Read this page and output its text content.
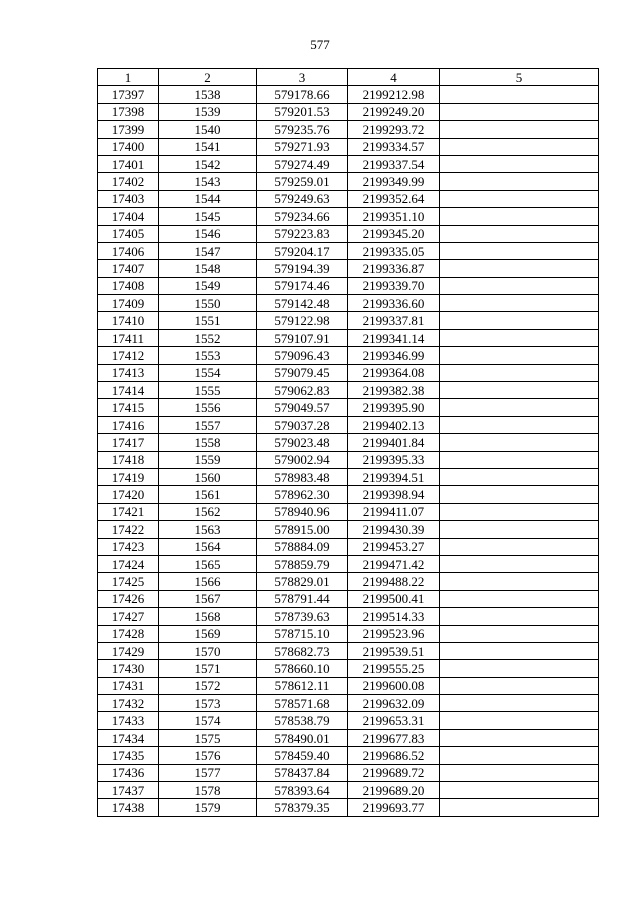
577
1	2	3	4	5
17397	1538	579178.66	2199212.98	
17398	1539	579201.53	2199249.20	
17399	1540	579235.76	2199293.72	
17400	1541	579271.93	2199334.57	
17401	1542	579274.49	2199337.54	
17402	1543	579259.01	2199349.99	
17403	1544	579249.63	2199352.64	
17404	1545	579234.66	2199351.10	
17405	1546	579223.83	2199345.20	
17406	1547	579204.17	2199335.05	
17407	1548	579194.39	2199336.87	
17408	1549	579174.46	2199339.70	
17409	1550	579142.48	2199336.60	
17410	1551	579122.98	2199337.81	
17411	1552	579107.91	2199341.14	
17412	1553	579096.43	2199346.99	
17413	1554	579079.45	2199364.08	
17414	1555	579062.83	2199382.38	
17415	1556	579049.57	2199395.90	
17416	1557	579037.28	2199402.13	
17417	1558	579023.48	2199401.84	
17418	1559	579002.94	2199395.33	
17419	1560	578983.48	2199394.51	
17420	1561	578962.30	2199398.94	
17421	1562	578940.96	2199411.07	
17422	1563	578915.00	2199430.39	
17423	1564	578884.09	2199453.27	
17424	1565	578859.79	2199471.42	
17425	1566	578829.01	2199488.22	
17426	1567	578791.44	2199500.41	
17427	1568	578739.63	2199514.33	
17428	1569	578715.10	2199523.96	
17429	1570	578682.73	2199539.51	
17430	1571	578660.10	2199555.25	
17431	1572	578612.11	2199600.08	
17432	1573	578571.68	2199632.09	
17433	1574	578538.79	2199653.31	
17434	1575	578490.01	2199677.83	
17435	1576	578459.40	2199686.52	
17436	1577	578437.84	2199689.72	
17437	1578	578393.64	2199689.20	
17438	1579	578379.35	2199693.77	
